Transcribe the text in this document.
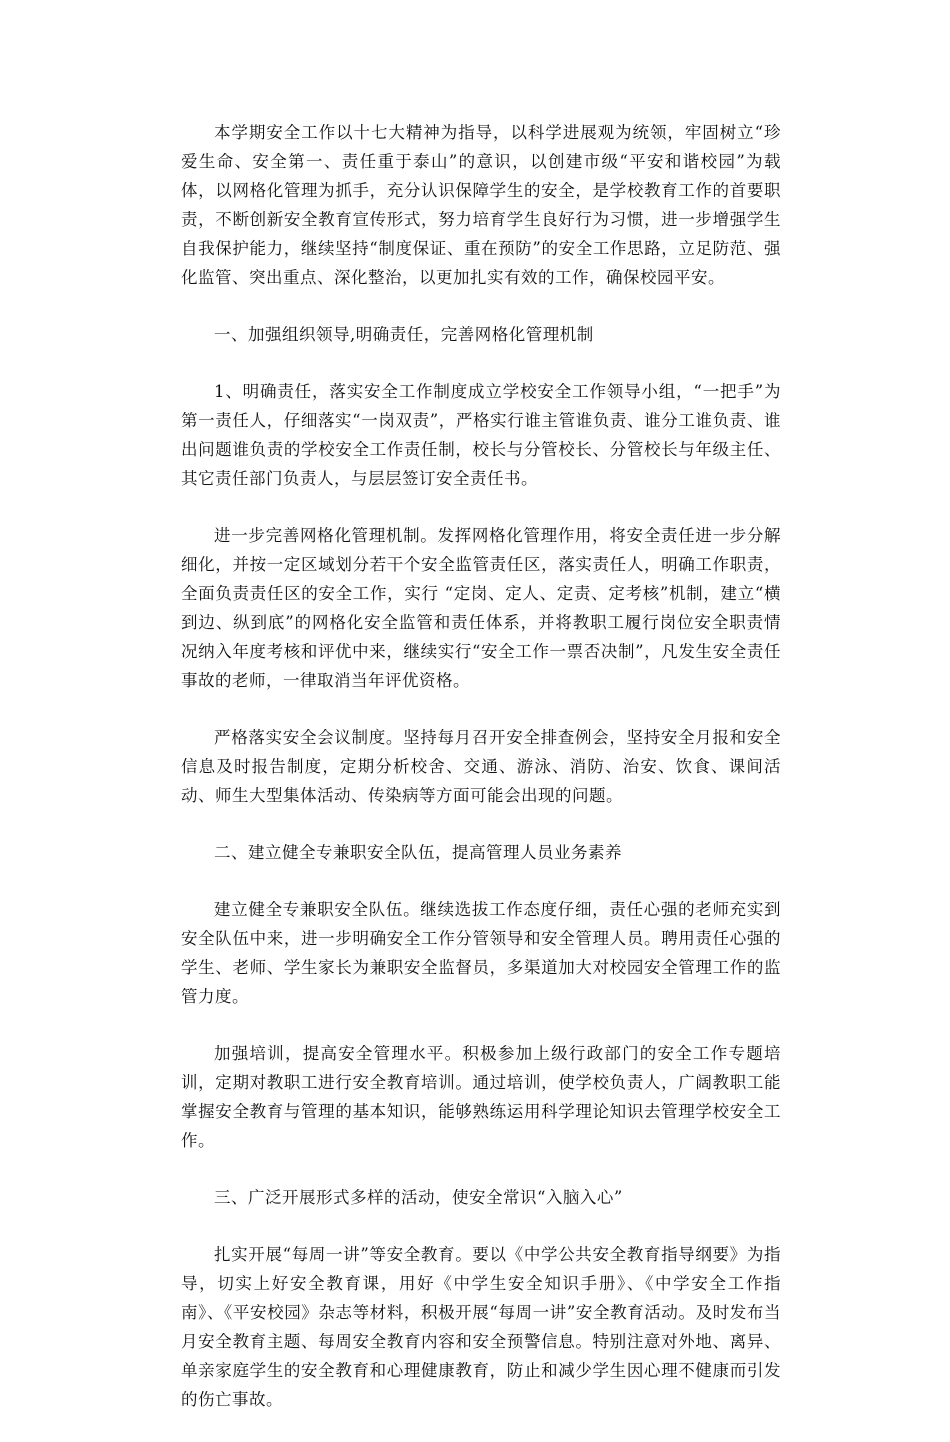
本学期安全工作以十七大精神为指导，以科学进展观为统领，牢固树立“珍爱生命、安全第一、责任重于泰山”的意识，以创建市级“平安和谐校园”为载体，以网格化管理为抓手，充分认识保障学生的安全，是学校教育工作的首要职责，不断创新安全教育宣传形式，努力培育学生良好行为习惯，进一步增强学生自我保护能力，继续坚持“制度保证、重在预防”的安全工作思路，立足防范、强化监管、突出重点、深化整治，以更加扎实有效的工作，确保校园平安。

一、加强组织领导,明确责任，完善网格化管理机制

1、明确责任，落实安全工作制度成立学校安全工作领导小组，“一把手”为第一责任人，仔细落实“一岗双责”，严格实行谁主管谁负责、谁分工谁负责、谁出问题谁负责的学校安全工作责任制，校长与分管校长、分管校长与年级主任、其它责任部门负责人，与层层签订安全责任书。

进一步完善网格化管理机制。发挥网格化管理作用，将安全责任进一步分解细化，并按一定区域划分若干个安全监管责任区，落实责任人，明确工作职责，全面负责责任区的安全工作，实行 “定岗、定人、定责、定考核”机制，建立“横到边、纵到底”的网格化安全监管和责任体系，并将教职工履行岗位安全职责情况纳入年度考核和评优中来，继续实行“安全工作一票否决制”，凡发生安全责任事故的老师，一律取消当年评优资格。

严格落实安全会议制度。坚持每月召开安全排查例会，坚持安全月报和安全信息及时报告制度，定期分析校舍、交通、游泳、消防、治安、饮食、课间活动、师生大型集体活动、传染病等方面可能会出现的问题。

二、建立健全专兼职安全队伍，提高管理人员业务素养

建立健全专兼职安全队伍。继续选拔工作态度仔细，责任心强的老师充实到安全队伍中来，进一步明确安全工作分管领导和安全管理人员。聘用责任心强的学生、老师、学生家长为兼职安全监督员，多渠道加大对校园安全管理工作的监管力度。

加强培训，提高安全管理水平。积极参加上级行政部门的安全工作专题培训，定期对教职工进行安全教育培训。通过培训，使学校负责人，广阔教职工能掌握安全教育与管理的基本知识，能够熟练运用科学理论知识去管理学校安全工作。

三、广泛开展形式多样的活动，使安全常识“入脑入心”

扎实开展“每周一讲”等安全教育。要以《中学公共安全教育指导纲要》为指导，切实上好安全教育课，用好《中学生安全知识手册》、《中学安全工作指南》、《平安校园》杂志等材料，积极开展“每周一讲”安全教育活动。及时发布当月安全教育主题、每周安全教育内容和安全预警信息。特别注意对外地、离异、单亲家庭学生的安全教育和心理健康教育，防止和减少学生因心理不健康而引发的伤亡事故。
